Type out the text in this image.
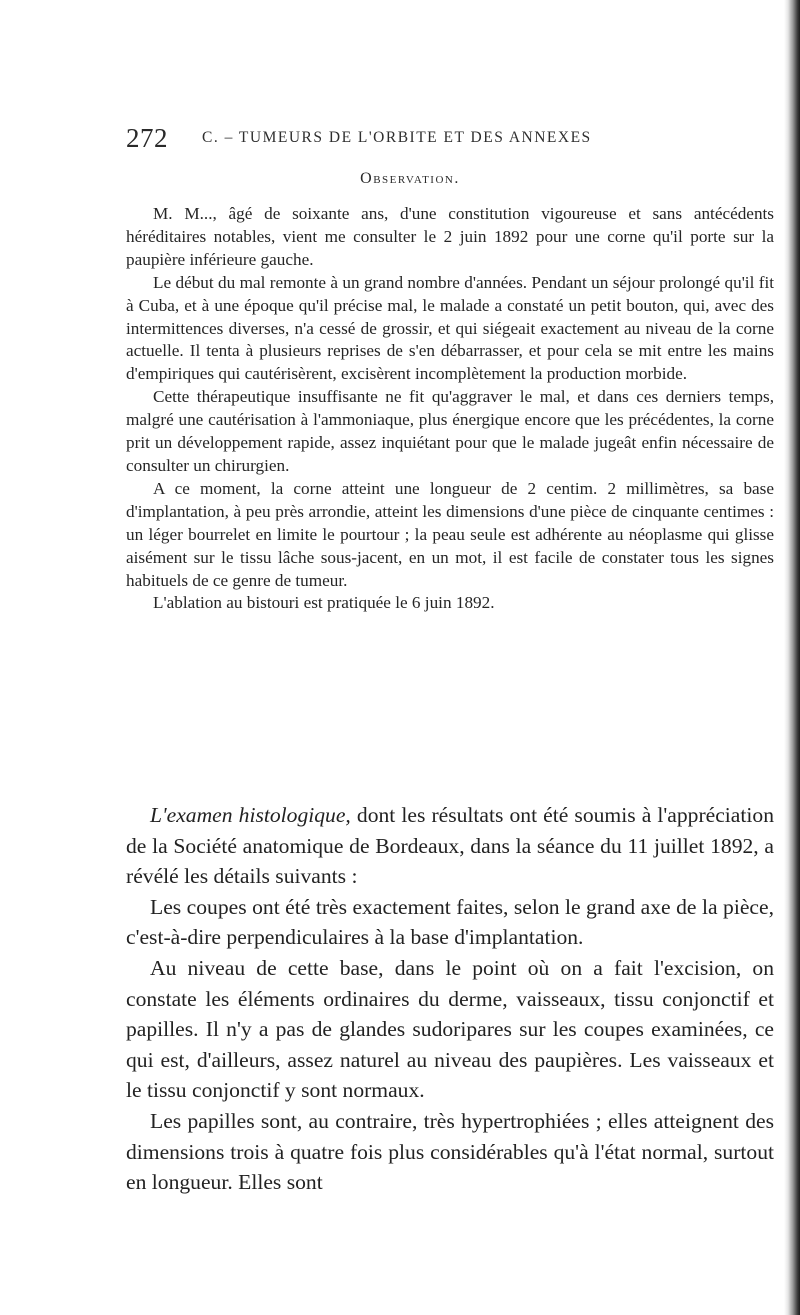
272 C. – TUMEURS DE L'ORBITE ET DES ANNEXES
Observation.

M. M..., âgé de soixante ans, d'une constitution vigoureuse et sans antécédents héréditaires notables, vient me consulter le 2 juin 1892 pour une corne qu'il porte sur la paupière inférieure gauche.

Le début du mal remonte à un grand nombre d'années. Pendant un séjour prolongé qu'il fit à Cuba, et à une époque qu'il précise mal, le malade a constaté un petit bouton, qui, avec des intermittences diverses, n'a cessé de grossir, et qui siégeait exactement au niveau de la corne actuelle. Il tenta à plusieurs reprises de s'en débarrasser, et pour cela se mit entre les mains d'empiriques qui cautérisèrent, excisèrent incomplètement la production morbide.

Cette thérapeutique insuffisante ne fit qu'aggraver le mal, et dans ces derniers temps, malgré une cautérisation à l'ammoniaque, plus énergique encore que les précédentes, la corne prit un développement rapide, assez inquiétant pour que le malade jugeât enfin nécessaire de consulter un chirurgien.

A ce moment, la corne atteint une longueur de 2 centim. 2 millimètres, sa base d'implantation, à peu près arrondie, atteint les dimensions d'une pièce de cinquante centimes : un léger bourrelet en limite le pourtour ; la peau seule est adhérente au néoplasme qui glisse aisément sur le tissu lâche sous-jacent, en un mot, il est facile de constater tous les signes habituels de ce genre de tumeur.

L'ablation au bistouri est pratiquée le 6 juin 1892.

L'examen histologique, dont les résultats ont été soumis à l'appréciation de la Société anatomique de Bordeaux, dans la séance du 11 juillet 1892, a révélé les détails suivants :

Les coupes ont été très exactement faites, selon le grand axe de la pièce, c'est-à-dire perpendiculaires à la base d'implantation.

Au niveau de cette base, dans le point où on a fait l'excision, on constate les éléments ordinaires du derme, vaisseaux, tissu conjonctif et papilles. Il n'y a pas de glandes sudoripares sur les coupes examinées, ce qui est, d'ailleurs, assez naturel au niveau des paupières. Les vaisseaux et le tissu conjonctif y sont normaux.

Les papilles sont, au contraire, très hypertrophiées ; elles atteignent des dimensions trois à quatre fois plus considérables qu'à l'état normal, surtout en longueur. Elles sont
